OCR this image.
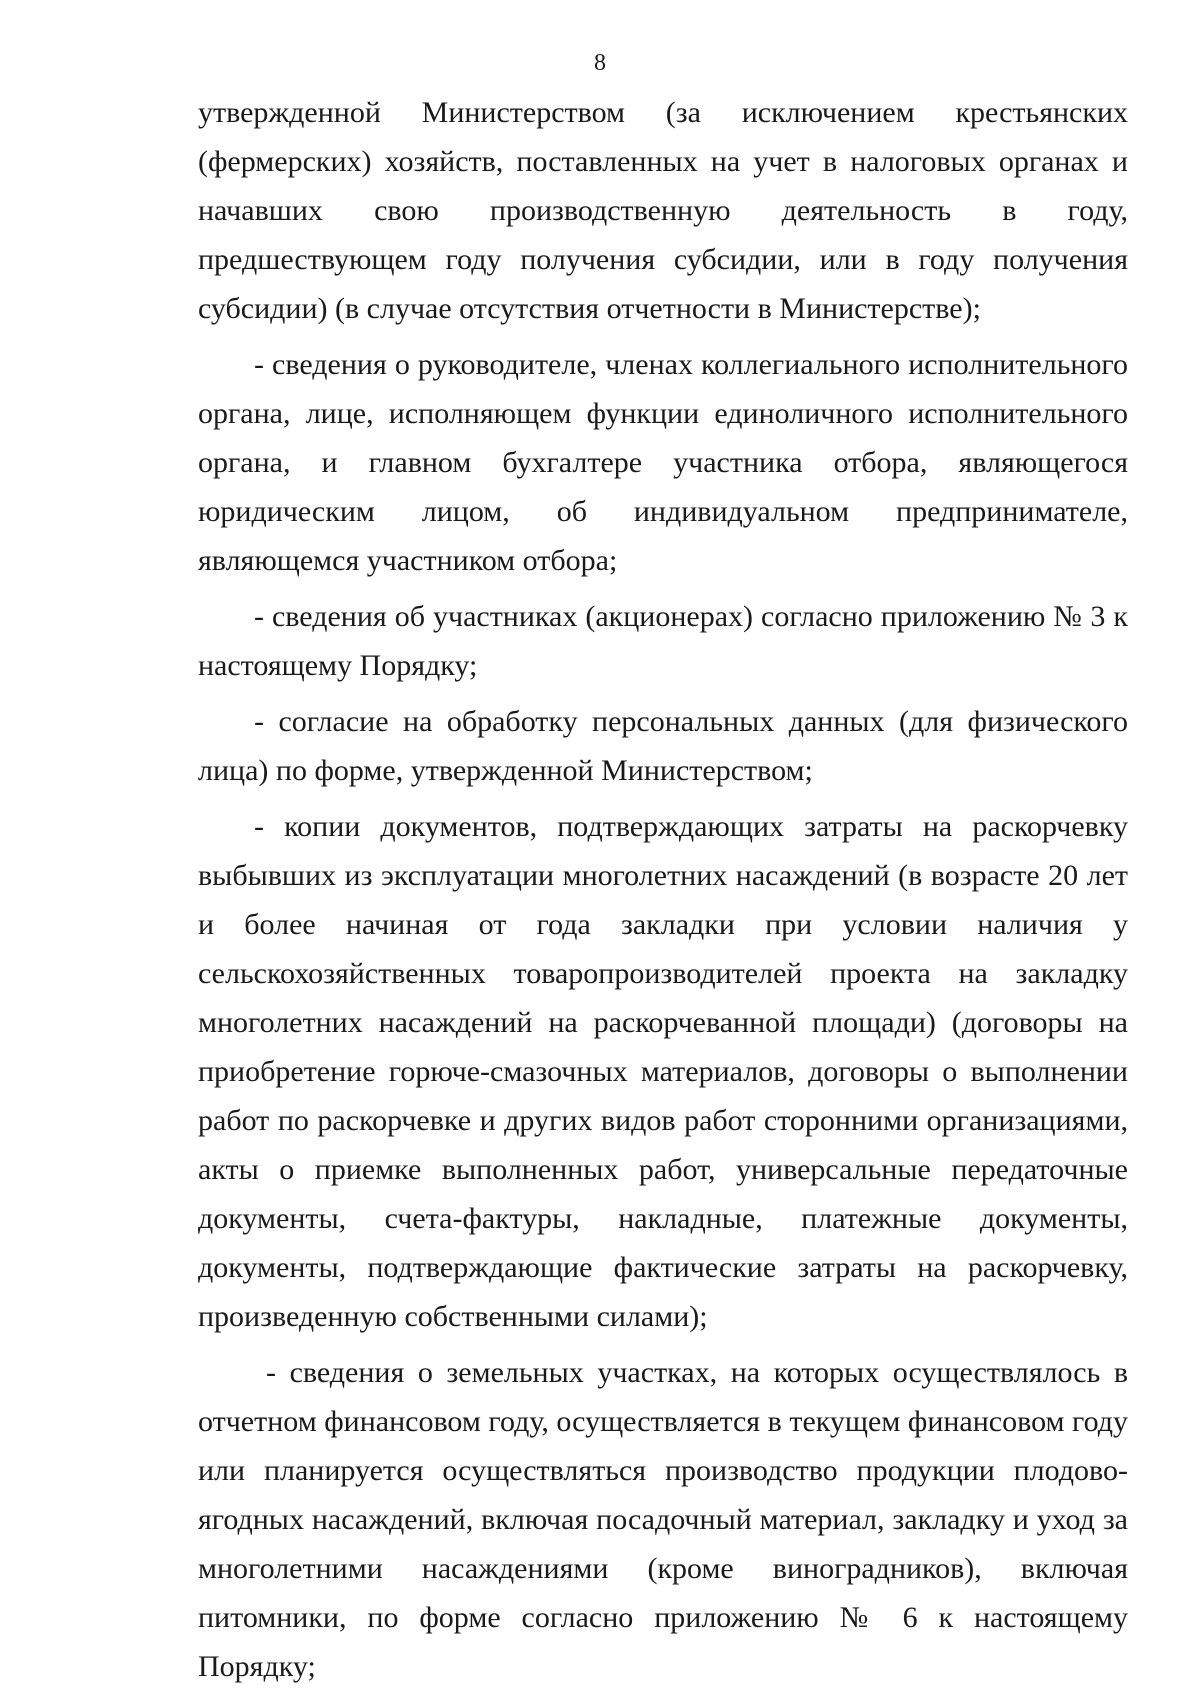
8

утвержденной Министерством (за исключением крестьянских (фермерских) хозяйств, поставленных на учет в налоговых органах и начавших свою производственную деятельность в году, предшествующем году получения субсидии, или в году получения субсидии) (в случае отсутствия отчетности в Министерстве);

- сведения о руководителе, членах коллегиального исполнительного органа, лице, исполняющем функции единоличного исполнительного органа, и главном бухгалтере участника отбора, являющегося юридическим лицом, об индивидуальном предпринимателе, являющемся участником отбора;

- сведения об участниках (акционерах) согласно приложению № 3 к настоящему Порядку;

- согласие на обработку персональных данных (для физического лица) по форме, утвержденной Министерством;

- копии документов, подтверждающих затраты на раскорчевку выбывших из эксплуатации многолетних насаждений (в возрасте 20 лет и более начиная от года закладки при условии наличия у сельскохозяйственных товаропроизводителей проекта на закладку многолетних насаждений на раскорчеванной площади) (договоры на приобретение горюче-смазочных материалов, договоры о выполнении работ по раскорчевке и других видов работ сторонними организациями, акты о приемке выполненных работ, универсальные передаточные документы, счета-фактуры, накладные, платежные документы, документы, подтверждающие фактические затраты на раскорчевку, произведенную собственными силами);

- сведения о земельных участках, на которых осуществлялось в отчетном финансовом году, осуществляется в текущем финансовом году или планируется осуществляться производство продукции плодово-ягодных насаждений, включая посадочный материал, закладку и уход за многолетними насаждениями (кроме виноградников), включая питомники, по форме согласно приложению № 6 к настоящему Порядку;
